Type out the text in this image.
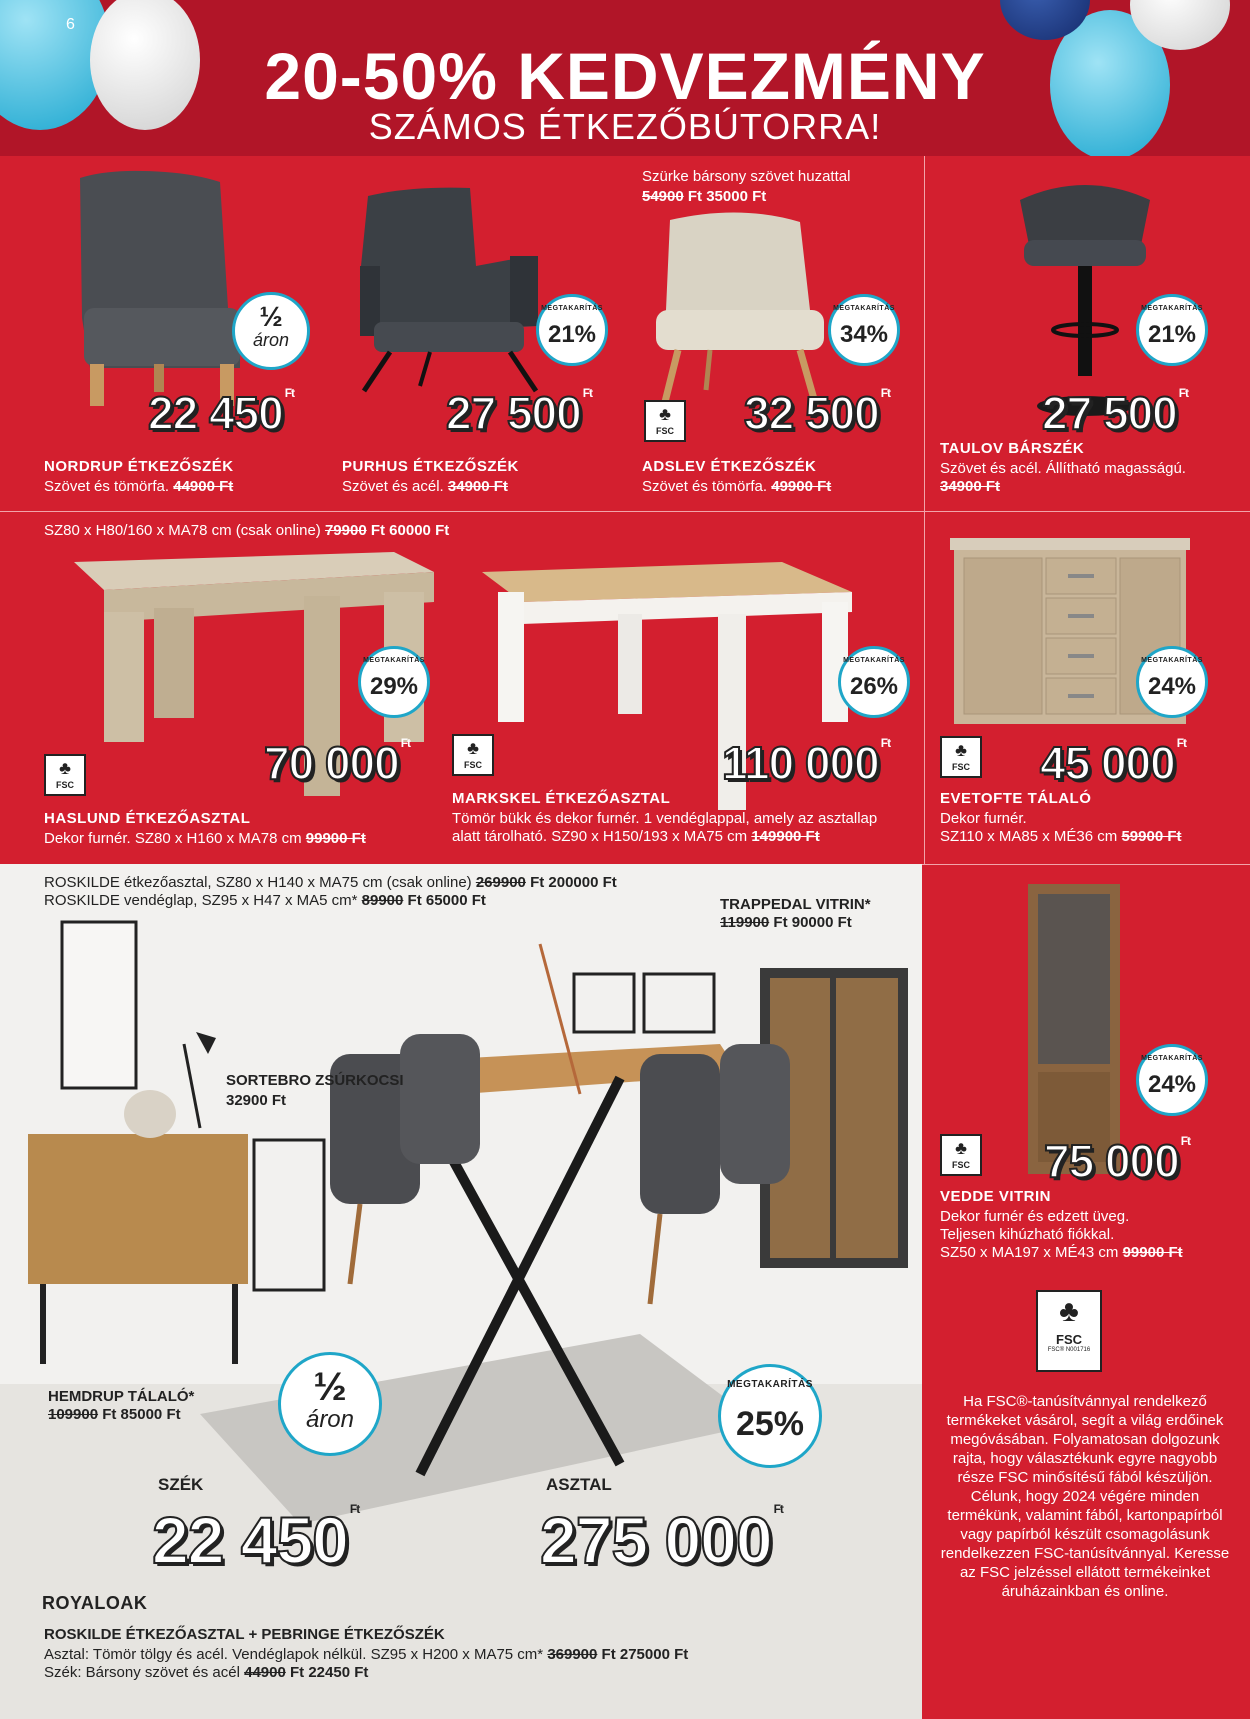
6
20-50% KEDVEZMÉNY
SZÁMOS ÉTKEZŐBÚTORRA!
½
áron
22 450 $^{Ft}$
NORDRUP ÉTKEZŐSZÉK
Szövet és tömörfa. 44900 Ft
MEGTAKARÍTÁS
21%
27 500 $^{Ft}$
PURHUS ÉTKEZŐSZÉK
Szövet és acél. 34900 Ft
Szürke bársony szövet huzattal
54900 Ft 35000 Ft
MEGTAKARÍTÁS
34%
♣
FSC 32 500 $^{Ft}$
ADSLEV ÉTKEZŐSZÉK
Szövet és tömörfa. 49900 Ft
MEGTAKARÍTÁS
21%
27 500 $^{Ft}$
TAULOV BÁRSZÉK
Szövet és acél. Állítható magasságú.
34900 Ft
SZ80 x H80/160 x MA78 cm (csak online) 79900 Ft 60000 Ft
MEGTAKARÍTÁS
29%
♣
FSC	70 000 $^{Ft}$
HASLUND ÉTKEZŐASZTAL
Dekor furnér. SZ80 x H160 x MA78 cm 99900 Ft
MEGTAKARÍTÁS
26%
♣
FSC	110 000 $^{Ft}$
MARKSKEL ÉTKEZŐASZTAL
Tömör bükk és dekor furnér. 1 vendéglappal, amely az asztallap
alatt tárolható. SZ90 x H150/193 x MA75 cm 149900 Ft
MEGTAKARÍTÁS
24%
♣
FSC 45 000 $^{Ft}$
EVETOFTE TÁLALÓ
Dekor furnér.
SZ110 x MA85 x MÉ36 cm 59900 Ft
ROSKILDE étkezőasztal, SZ80 x H140 x MA75 cm (csak online) 269900 Ft 200000 Ft
ROSKILDE vendéglap, SZ95 x H47 x MA5 cm* 89900 Ft 65000 Ft	TRAPPEDAL VITRIN*
119900 Ft 90000 Ft
SORTEBRO ZSÚRKOCSI
32900 Ft
HEMDRUP TÁLALÓ*
109900 Ft 85000 Ft
½
áron
MEGTAKARÍTÁS
25%
SZÉK
22 450 $^{Ft}$
ASZTAL
275 000 $^{Ft}$
ROYALOAK
ROSKILDE ÉTKEZŐASZTAL + PEBRINGE ÉTKEZŐSZÉK
Asztal: Tömör tölgy és acél. Vendéglapok nélkül. SZ95 x H200 x MA75 cm* 369900 Ft 275000 Ft
Szék: Bársony szövet és acél 44900 Ft 22450 Ft
MEGTAKARÍTÁS
24%
♣
FSC 75 000 $^{Ft}$
VEDDE VITRIN
Dekor furnér és edzett üveg.
Teljesen kihúzható fiókkal.
SZ50 x MA197 x MÉ43 cm 99900 Ft
♣
FSC
FSC® N001716
Ha FSC®-tanúsítvánnyal rendelkező termékeket vásárol, segít a világ erdőinek megóvásában. Folyamatosan dolgozunk rajta, hogy választékunk egyre nagyobb része FSC minősítésű fából készüljön. Célunk, hogy 2024 végére minden termékünk, valamint fából, kartonpapírból vagy papírból készült csomagolásunk rendelkezzen FSC-tanúsítvánnyal. Keresse az FSC jelzéssel ellátott termékeinket áruházainkban és online.
